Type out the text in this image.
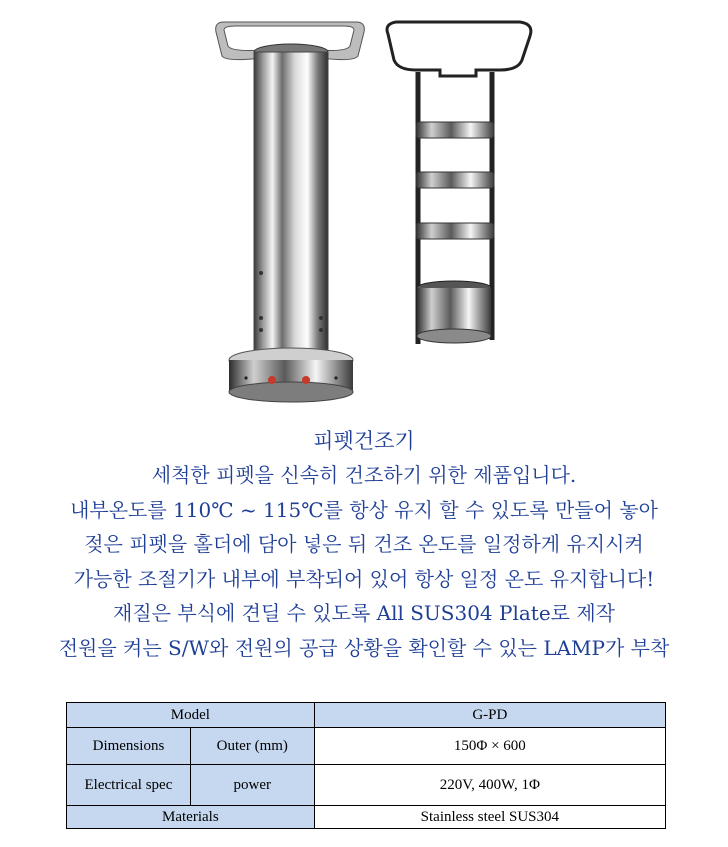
피펫건조기

세척한 피펫을 신속히 건조하기 위한 제품입니다.

내부온도를 110℃ ~ 115℃를 항상 유지 할 수 있도록 만들어 놓아

젖은 피펫을 홀더에 담아 넣은 뒤 건조 온도를 일정하게 유지시켜

가능한 조절기가 내부에 부착되어 있어 항상 일정 온도 유지합니다!

재질은 부식에 견딜 수 있도록 All SUS304 Plate로 제작

전원을 켜는 S/W와 전원의 공급 상황을 확인할 수 있는 LAMP가 부착

Model		G-PD
Dimensions	Outer (mm)	150Φ × 600
Electrical spec	power	220V, 400W, 1Φ
Materials		Stainless steel SUS304
